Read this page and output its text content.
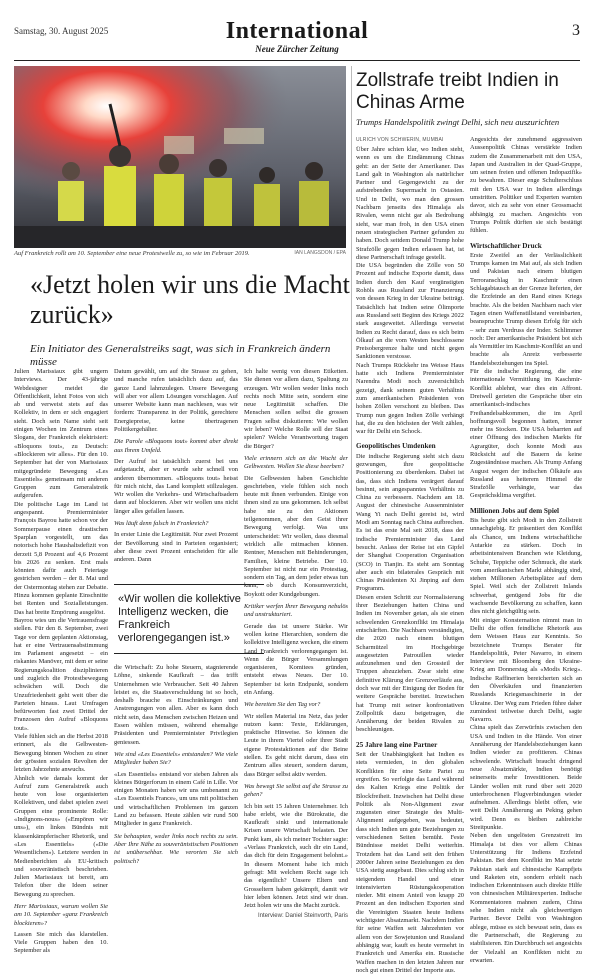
Samstag, 30. August 2025	International
Neue Zürcher Zeitung
3
Auf Frankreich rollt am 10. September eine neue Protestwelle zu, so wie im Februar 2019.	IAN LANGSDON / EPA
«Jetzt holen wir uns die Macht zurück»
Ein Initiator des Generalstreiks sagt, was sich in Frankreich ändern müsse

Julien Marissiaux gibt ungern Interviews. Der 43-jährige Webdesigner meidet die Öffentlichkeit, lehnt Fotos von sich ab und verweist stets auf das Kollektiv, in dem er sich engagiert sieht. Doch sein Name steht seit einigen Wochen im Zentrum eines Slogans, der Frankreich elektrisiert: «Bloquons tout», zu Deutsch: «Blockieren wir alles». Für den 10. September hat der von Marissiaux mitgegründete Bewegung «Les Essentiels» gemeinsam mit anderen Gruppen zum Generalstreik aufgerufen.

Die politische Lage im Land ist angespannt. Premierminister François Bayrou hatte schon vor der Sommerpause einen drastischen Sparplan vorgestellt, um das notorisch hohe Haushaltsdefizit von derzeit 5,8 Prozent auf 4,6 Prozent bis 2026 zu senken. Erst mals könnten dafür auch Feiertage gestrichen werden – der 8. Mai und der Ostermontag stehen zur Debatte. Hinzu kommen geplante Einschnitte bei Renten und Sozialleistungen. Das hat breite Empörung ausgelöst.

Bayrou wies um die Vertrauensfrage stellen. Für den 8. September, zwei Tage vor dem geplanten Aktionstag, hat er eine Vertrauensabstimmung im Parlament angesetzt – ein riskantes Manöver, mit dem er seine Regierungskoalition disziplinieren und zugleich die Protestbewegung schwächen will. Doch die Unzufriedenheit geht weit über die Parteien hinaus. Laut Umfragen befürworten fast zwei Drittel der Franzosen den Aufruf «Bloquons tout».

Viele fühlen sich an die Herbst 2018 erinnert, als die Gelbwesten-Bewegung binnen Wochen zu einer der grössten sozialen Revolten der letzten Jahrzehnte anwuchs.

Ähnlich wie damals kommt der Aufruf zum Generalstreik auch heute von lose organisierten Kollektiven, und dabei spielen zwei Gruppen eine prominente Rolle: «Indignons-nous» («Empören wir uns»), ein linkes Bündnis mit klassenkämpferischer Rhetorik, und «Les Essentiels» («Die Wesentlichen»). Letztere werden in Medienberichten als EU-kritisch und souveränistisch beschrieben. Julien Marissiaux ist bereit, am Telefon über die Ideen seiner Bewegung zu sprechen.

Herr Marissiaux, warum wollen Sie am 10. September «ganz Frankreich blockieren»?

Lassen Sie mich das klarstellen. Viele Gruppen haben den 10. September als

Datum gewählt, um auf die Strasse zu gehen, und manche rufen tatsächlich dazu auf, das ganze Land lahmzulegen. Unsere Bewegung will aber vor allem Lösungen vorschlagen. Auf unserer Website kann man nachlesen, was wir fordern: Transparenz in der Politik, gerechtere Energiepreise, keine übertragenen Politikergehälter.

Die Parole «Bloquons tout» kommt aber direkt aus Ihrem Umfeld.

Der Aufruf ist tatsächlich zuerst bei uns aufgetaucht, aber er wurde sehr schnell von anderen übernommen. «Bloquons tout» heisst für mich nicht, das Land komplett stillzulegen. Wir wollen die Verkehrs- und Wirtschaftsadern dann auf blockieren. Aber wir wollen uns nicht länger alles gefallen lassen.

Was läuft denn falsch in Frankreich?

In erster Linie die Legitimität. Nur zwei Prozent der Bevölkerung sind in Parteien organisiert; aber diese zwei Prozent entscheiden für alle anderen. Dann

«Wir wollen die kollektive Intelligenz wecken, die Frankreich verlorengegangen ist.»

die Wirtschaft: Zu hohe Steuern, stagnierende Löhne, sinkende Kaufkraft – das trifft Unternehmen wie Verbraucher. Seit 40 Jahren leistet es, die Staatsverschuldung ist so hoch, deshalb brauche es Einschränkungen und Anstrengungen von allen. Aber es kann doch nicht sein, dass Menschen zwischen Heizen und Essen wählen müssen, während ehemalige Präsidenten und Premierminister Privilegien geniessen.

Wie sind «Les Essentiels» entstanden? Wie viele Mitglieder haben Sie?

«Les Essentiels» entstand vor sieben Jahren als kleines Bürgerforum in einem Café in Lille. Vor einigen Monaten haben wir uns umbenannt zu «Les Essentiels France», um uns mit politischen und wirtschaftlichen Problemen im ganzen Land zu befassen. Heute zählen wir rund 500 Mitglieder in ganz Frankreich.

Sie behaupten, weder links noch rechts zu sein. Aber Ihre Nähe zu souveränistischen Positionen ist unübersehbar. Wie verorten Sie sich politisch?

Ich halte wenig von diesen Etiketten. Sie dienen vor allem dazu, Spaltung zu erzeugen. Wir wollen weder links noch rechts noch Mitte sein, sondern eine neue Legitimität schaffen. Die Menschen sollen selbst die grossen Fragen selbst diskutieren: Wie wollen wir leben? Welche Rolle soll der Staat spielen? Welche Verantwortung tragen die Bürger?

Viele erinnern sich an die Wucht der Gelbwesten. Wollen Sie diese beerben?

Die Gelbwesten haben Geschichte geschrieben, viele fühlen sich noch heute mit ihnen verbunden. Einige von ihnen sind zu uns gekommen. Ich selbst habe nie zu den Aktionen teilgenommen, aber den Geist ihrer Bewegung verfolgt. Was uns unterscheidet: Wir wollen, dass diesmal wirklich alle mitmachen können. Rentner, Menschen mit Behinderungen, Familien, kleine Betriebe. Der 10. September ist nicht nur ein Protesttag, sondern ein Tag, an dem jeder etwas tun kann, ob durch Konsumverzicht, Boykott oder Kundgebungen.

Kritiker werfen Ihrer Bewegung nebulös und unstrukturiert.

Gerade das ist unsere Stärke. Wir wollen keine Hierarchien, sondern die kollektive Intelligenz wecken, die einem Land Frankreich verlorengegangen ist. Wenn die Bürger Versammlungen organisieren, Komitees gründen, entsteht etwas Neues. Der 10. September ist kein Endpunkt, sondern ein Anfang.

Wie bereiten Sie den Tag vor?

Wir stellen Material ins Netz, das jeder nutzen kann: Texte, Erklärungen, praktische Hinweise. So können die Leute in ihrem Viertel oder ihrer Stadt eigene Protestaktionen auf die Beine stellen. Es geht nicht darum, dass ein Zentrum alles steuert, sondern darum, dass Bürger selbst aktiv werden.

Was bewegt Sie selbst auf die Strasse zu gehen?

Ich bin seit 15 Jahren Unternehmer. Ich habe erlebt, wie die Bürokratie, die Kaufkraft sinkt und internationale Krisen unsere Wirtschaft belasten. Der Punkt kam, als ich meiner Tochter sagte: «Verlass Frankreich, such dir ein Land, das dich für dein Engagement belohnt.» In diesem Moment habe ich mich gefragt: Mit welchem Recht sage ich das eigentlich? Unsere Eltern und Grosseltern haben gekämpft, damit wir hier leben können. Jetzt sind wir dran. Jetzt holen wir uns die Macht zurück.

Interview: Daniel Steinvorth, Paris

Zollstrafe treibt Indien in Chinas Arme
Trumps Handelspolitik zwingt Delhi, sich neu auszurichten
ULRICH VON SCHWERIN, MUMBAI

Über Jahre schien klar, wo Indien steht, wenn es um die Eindämmung Chinas geht: an der Seite der Amerikaner. Das Land galt in Washington als natürlicher Partner und Gegengewicht zu der aufstrebenden Supermacht in Ostasien. Und in Delhi, wo man den grossen Nachbarn jenseits des Himalaja als Rivalen, wenn nicht gar als Bedrohung sieht, war man froh, in den USA einen neuen strategischen Partner gefunden zu haben. Doch seitdem Donald Trump hohe Strafzölle gegen Indien erlassen hat, ist diese Partnerschaft infrage gestellt.

Die USA begründen die Zölle von 50 Prozent auf indische Exporte damit, dass Indien durch den Kauf vergünstigten Rohöls aus Russland zur Finanzierung von dessen Krieg in der Ukraine beiträgt. Tatsächlich hat Indien seine Ölimporte aus Russland seit Beginn des Kriegs 2022 stark ausgeweitet. Allerdings verweist Indien zu Recht darauf, dass es sich beim Ölkauf an die vom Westen beschlossene Preisobergrenze halte und nicht gegen Sanktionen verstosse.

Nach Trumps Rückkehr ins Weisse Haus hatte sich Indiens Premierminister Narendra Modi noch zuversichtlich gezeigt, dank seinem guten Verhältnis zum amerikanischen Präsidenten von hohen Zöllen verschont zu bleiben. Das Trump nun gegen Indien Zölle verhängt hat, die zu den höchsten der Welt zählen, war für Delhi ein Schock.

Geopolitisches Umdenken

Die indische Regierung sieht sich dazu gezwungen, ihre geopolitische Positionierung zu überdenken. Dabei ist das, dass sich Indiens verärgert darauf besinnt, sein angespanntes Verhältnis zu China zu verbessern. Nachdem am 18. August der chinesische Aussenminister Wang Yi nach Delhi gereist ist, wird Modi am Sonntag nach China aufbrechen. Es ist das erste Mal seit 2018, dass der indische Premierminister das Land besucht. Anlass der Reise ist ein Gipfel der Shanghai Cooperation Organisation (SCO) in Tianjin. Es steht am Sonntag aber auch ein bilaterales Gespräch mit Chinas Präsidenten Xi Jinping auf dem Programm.

Diesen ersten Schritt zur Normalisierung ihrer Beziehungen hatten China und Indien im November getan, als sie einen schwelenden Grenzkonflikt im Himalaja entschärften. Die Nachbarn verständigten, die 2020 nach einem blutigen Scharmützel im Hochgebirge ausgesetzten Patrouillen wieder aufzunehmen und den Grossteil der Truppen abzuziehen. Zwar steht eine definitive Klärung der Grenzverläufe aus, doch war mit der Einigung der Boden für weitere Gespräche bereitet. Inzwischen hat Trump mit seiner konfrontativen Zollpolitik dazu beigetragen, die Annäherung der beiden Rivalen zu beschleunigen.

25 Jahre lang eine Partner

Seit der Unabhängigkeit hat Indien es stets vermieden, in den globalen Konflikten für eine Seite Partei zu ergreifen. So verfolgte das Land während des Kalten Kriegs eine Politik der Blockfreiheit. Inzwischen hat Delhi diese Politik als Non-Alignment zwar zugunsten einer Strategie des Multi-Alignment aufgegeben, was bedeutet, dass sich Indien um gute Beziehungen zu verschiedenen Seiten bemüht. Feste Bündnisse meidet Delhi weiterhin. Trotzdem hat das Land seit den frühen 2000er Jahren seine Beziehungen zu den USA stetig ausgebaut. Dies schlug sich in steigendem Handel und einer intensivierten Rüstungskooperation nieder. Mit einem Anteil von knapp 20 Prozent an den indischen Exporten sind die Vereinigten Staaten heute Indiens wichtigster Absatzmarkt. Nachdem Indien für seine Waffen seit Jahrzehnten vor allem von der Sowjetunion und Russland abhängig war, kauft es heute vermehrt in Frankreich und Amerika ein. Russische Waffen machen in den letzten Jahren nur noch gut einen Drittel der Importe aus.

Angesichts der zunehmend aggressiven Aussenpolitik Chinas verstärkte Indien zudem die Zusammenarbeit mit den USA, Japan und Australien in der Quad-Gruppe, um seinen freien und offenen Indopazifik» zu bewahren. Dieser enge Schulterschluss mit den USA war in Indien allerdings umstritten. Politiker und Experten warnten davor, sich zu sehr von einer Grossmacht abhängig zu machen. Angesichts von Trumps Politik dürften sie sich bestätigt fühlen.

Wirtschaftlicher Druck

Erste Zweifel an der Verlässlichkeit Trumps kamen im Mai auf, als sich Indien und Pakistan nach einem blutigen Terroranschlag in Kaschmir einen Schlagabtausch an der Grenze lieferten, der die Erzfeinde an den Rand eines Kriegs brachte. Als die beiden Nachbarn nach vier Tagen einen Waffenstillstand vereinbarten, beanspruchte Trump diesen Erfolg für sich – sehr zum Verdruss der Inder. Schlimmer noch: Der amerikanische Präsident bot sich als Vermittler im Kaschmir-Konflikt an und brachte als Anreiz verbesserte Handelsbeziehungen ins Spiel.

Für die indische Regierung, die eine internationale Vermittlung im Kaschmir-Konflikt ablehnt, war dies ein Affront. Dreiwell gerieten die Gespräche über ein amerikanisch-indisches Freihandelsabkommen, die im April hoffnungsvoll begonnen hatten, immer mehr ins Stocken. Die USA beharrten auf einer Öffnung des indischen Markts für Agrargüter, doch konnte Modi aus Rücksicht auf die Bauern da keine Zugeständnisse machen. Als Trump Anfang August wegen der indischen Ölkäufe aus Russland aus heiterem Himmel die Strafzölle verhängte, war das Gesprächsklima vergiftet.

Millionen Jobs auf dem Spiel

Bis heute gibt sich Modi in den Zollstreit unnachgiebig. Er präsentiert den Konflikt als Chance, um Indiens wirtschaftliche Autarkie zu stärken. Doch in arbeitsintensiven Branchen wie Kleidung, Schuhe, Teppiche oder Schmuck, die stark vom amerikanischen Markt abhängig sind, stehen Millionen Arbeitsplätze auf dem Spiel. Weil sich der Zollstreit Inlands schwerbat, genügend Jobs für die wachsende Bevölkerung zu schaffen, kann dies nicht gleichgültig sein.

Mit einiger Konsternation nimmt man in Delhi die offen feindliche Rhetorik aus dem Weissen Haus zur Kenntnis. So bezeichnete Trumps Berater für Handelspolitik, Peter Navarro, in einem Interview mit Bloomberg den Ukraine-Krieg am Donnerstag als «Modis Krieg». Indische Raffinerien bereicherten sich an den Ölverkäufen und finanzierten Russlands Kriegsmaschinerie in der Ukraine. Der Weg zum Frieden führe daher zumindest teilweise durch Delhi, sagte Navarro.

China spielt das Zerwürfnis zwischen den USA und Indien in die Hände. Von einer Annäherung der Handelsbeziehungen kann Indien wieder zu profitieren. Chinas schwelende. Wirtschaft braucht dringend neue Absatzmärkte, Indien benötigt seinerseits mehr Investitionen. Beide Länder wollen mit rund über seit 2020 unterbrochenen Flugverbindungen wieder aufnehmen. Allerdings bleibt offen, wie weit Delhi Annäherung an Peking gehen wird. Denn es bleiben zahlreiche Streitpunkte.

Neben den ungelösten Grenzstreit im Himalaja ist dies vor allem Chinas Unterstützung für Indiens Erzfeind Pakistan. Bei dem Konflikt im Mai setzte Pakistan stark auf chinesische Kampfjets und Raketen ein, sondern erhielt nach indischen Erkenntnissen auch direkte Hilfe von chinesischen Militärexperten. Indische Kommentatoren mahnen zudem, China sehe Indien nicht als gleichwertigen Partner. Bevor Delhi von Washington ablege, müsse es sich bewusst sein, dass es die Partnerschaft, die Regierung zu stabilisieren. Ein Durchbruch sei angesichts der Vielzahl an Konflikten nicht zu erwarten.
